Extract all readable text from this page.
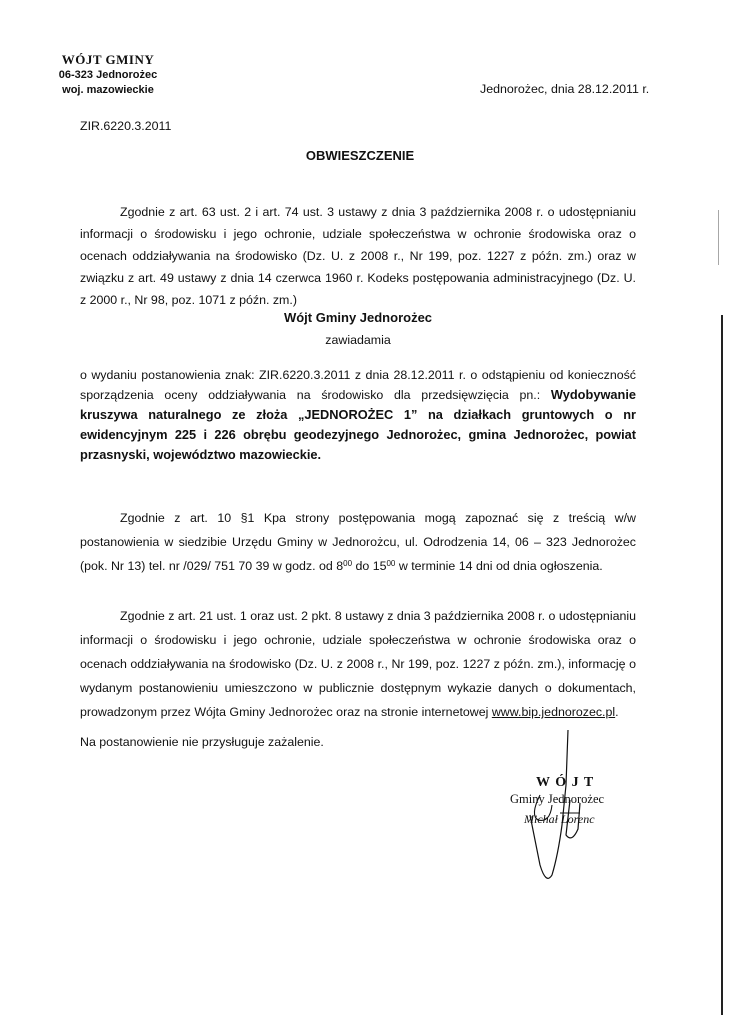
WÓJT GMINY
06-323 Jednorożec
woj. mazowieckie	Jednorożec, dnia 28.12.2011 r.
ZIR.6220.3.2011
OBWIESZCZENIE
Zgodnie z art. 63 ust. 2 i art. 74 ust. 3 ustawy z dnia 3 października 2008 r. o udostępnianiu informacji o środowisku i jego ochronie, udziale społeczeństwa w ochronie środowiska oraz o ocenach oddziaływania na środowisko (Dz. U. z 2008 r., Nr 199, poz. 1227 z późn. zm.) oraz w związku z art. 49 ustawy z dnia 14 czerwca 1960 r. Kodeks postępowania administracyjnego (Dz. U. z 2000 r., Nr 98, poz. 1071 z późn. zm.)
Wójt Gminy Jednorożec
zawiadamia
o wydaniu postanowienia znak: ZIR.6220.3.2011 z dnia 28.12.2011 r. o odstąpieniu od konieczność sporządzenia oceny oddziaływania na środowisko dla przedsięwzięcia pn.: Wydobywanie kruszywa naturalnego ze złoża „JEDNOROŻEC 1” na działkach gruntowych o nr ewidencyjnym 225 i 226 obrębu geodezyjnego Jednorożec, gmina Jednorożec, powiat przasnyski, województwo mazowieckie.
Zgodnie z art. 10 §1 Kpa strony postępowania mogą zapoznać się z treścią w/w postanowienia w siedzibie Urzędu Gminy w Jednorożcu, ul. Odrodzenia 14, 06 – 323 Jednorożec (pok. Nr 13) tel. nr /029/ 751 70 39 w godz. od $8^{00}$ do $15^{00}$ w terminie 14 dni od dnia ogłoszenia.
Zgodnie z art. 21 ust. 1 oraz ust. 2 pkt. 8 ustawy z dnia 3 października 2008 r. o udostępnianiu informacji o środowisku i jego ochronie, udziale społeczeństwa w ochronie środowiska oraz o ocenach oddziaływania na środowisko (Dz. U. z 2008 r., Nr 199, poz. 1227 z późn. zm.), informację o wydanym postanowieniu umieszczono w publicznie dostępnym wykazie danych o dokumentach, prowadzonym przez Wójta Gminy Jednorożec oraz na stronie internetowej www.bip.jednorozec.pl.
Na postanowienie nie przysługuje zażalenie.
W Ó J T
Gminy Jednorożec
Michał Lorenc
